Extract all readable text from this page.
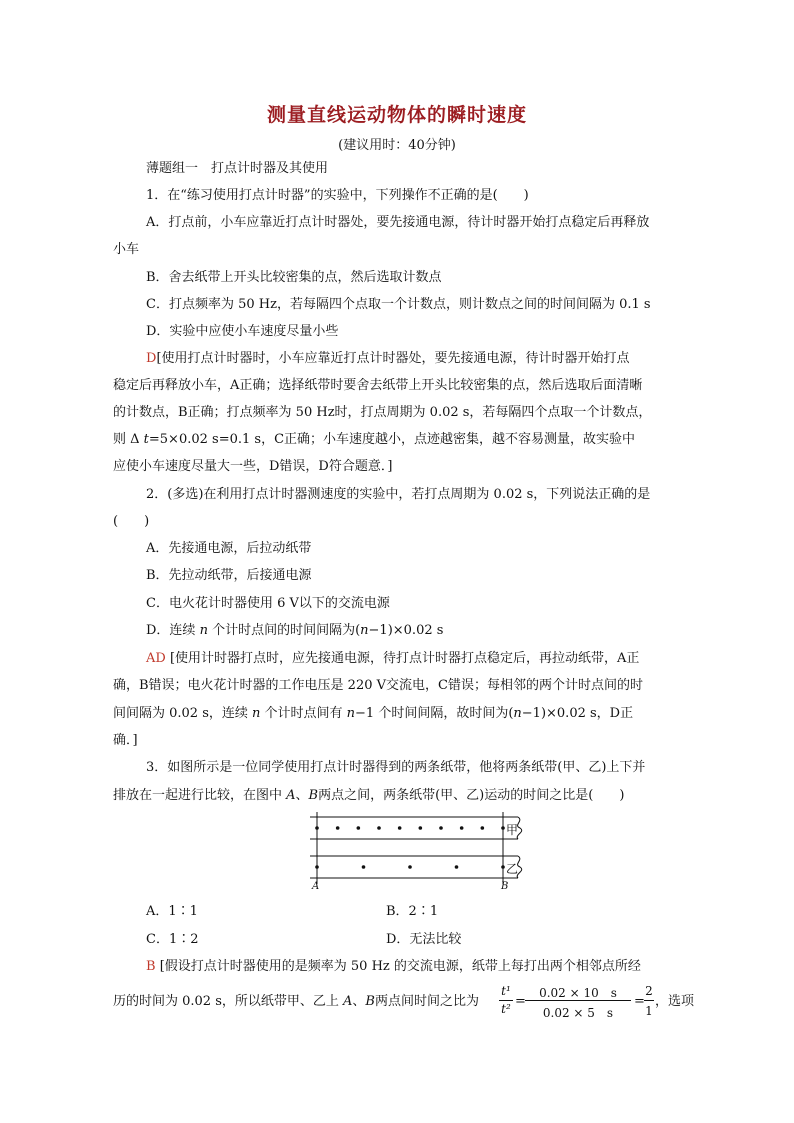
测量直线运动物体的瞬时速度
(建议用时：40分钟)
薄题组一　打点计时器及其使用
1．在“练习使用打点计时器”的实验中，下列操作不正确的是(　　)
A．打点前，小车应靠近打点计时器处，要先接通电源，待计时器开始打点稳定后再释放
小车
B．舍去纸带上开头比较密集的点，然后选取计数点
C．打点频率为 50 Hz，若每隔四个点取一个计数点，则计数点之间的时间间隔为 0.1 s
D．实验中应使小车速度尽量小些
D[使用打点计时器时，小车应靠近打点计时器处，要先接通电源，待计时器开始打点
稳定后再释放小车，A正确；选择纸带时要舍去纸带上开头比较密集的点，然后选取后面清晰
的计数点，B正确；打点频率为 50 Hz时，打点周期为 0.02 s，若每隔四个点取一个计数点，
则 Δ t=5×0.02 s=0.1 s，C正确；小车速度越小，点迹越密集，越不容易测量，故实验中
应使小车速度尽量大一些，D错误，D符合题意．]
2．(多选)在利用打点计时器测速度的实验中，若打点周期为 0.02 s，下列说法正确的是
(　　)
A．先接通电源，后拉动纸带
B．先拉动纸带，后接通电源
C．电火花计时器使用 6 V以下的交流电源
D．连续 n 个计时点间的时间间隔为(n−1)×0.02 s
AD [使用计时器打点时，应先接通电源，待打点计时器打点稳定后，再拉动纸带，A正
确，B错误；电火花计时器的工作电压是 220 V交流电，C错误；每相邻的两个计时点间的时
间间隔为 0.02 s，连续 n 个计时点间有 n−1 个时间间隔，故时间为(n−1)×0.02 s，D正
确．]
3．如图所示是一位同学使用打点计时器得到的两条纸带，他将两条纸带(甲、乙)上下并
排放在一起进行比较，在图中 A、B两点之间，两条纸带(甲、乙)运动的时间之比是(　　)
甲
乙
A	B
A．1∶1	B．2∶1
C．1∶2	D．无法比较
B [假设打点计时器使用的是频率为 50 Hz 的交流电源，纸带上每打出两个相邻点所经
历的时间为 0.02 s，所以纸带甲、乙上 A、B两点间时间之比为
t¹
t² =
0.02 × 10　s
0.02 × 5　s
=
2
1
，选项
